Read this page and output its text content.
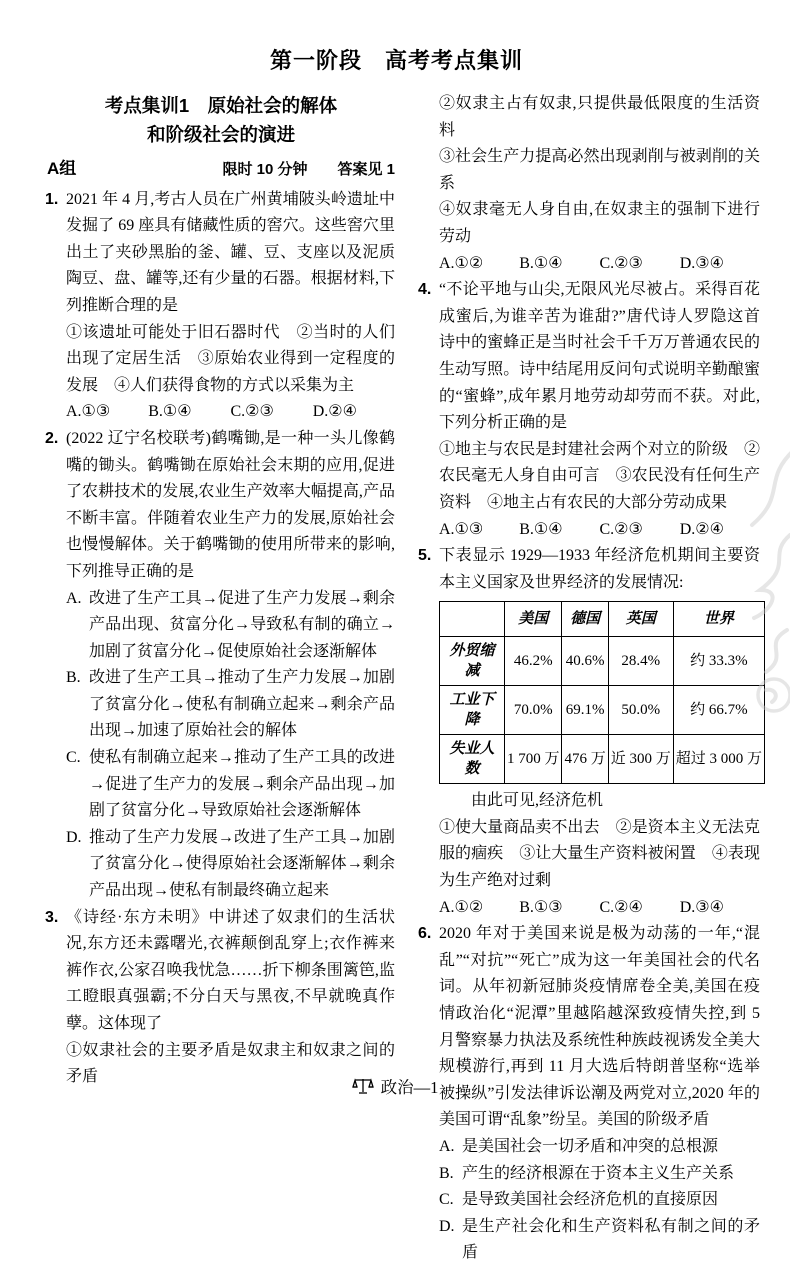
第一阶段　高考考点集训
考点集训1　原始社会的解体
和阶级社会的演进
A组	限时 10 分钟　　答案见 1
1. 2021 年 4 月,考古人员在广州黄埔陂头岭遗址中发掘了 69 座具有储藏性质的窖穴。这些窖穴里出土了夹砂黑胎的釜、罐、豆、支座以及泥质陶豆、盘、罐等,还有少量的石器。根据材料,下列推断合理的是
①该遗址可能处于旧石器时代　②当时的人们出现了定居生活　③原始农业得到一定程度的发展　④人们获得食物的方式以采集为主
A.①③	B.①④	C.②③	D.②④
2. (2022 辽宁名校联考)鹤嘴锄,是一种一头儿像鹤嘴的锄头。鹤嘴锄在原始社会末期的应用,促进了农耕技术的发展,农业生产效率大幅提高,产品不断丰富。伴随着农业生产力的发展,原始社会也慢慢解体。关于鹤嘴锄的使用所带来的影响,下列推导正确的是
A. 改进了生产工具→促进了生产力发展→剩余产品出现、贫富分化→导致私有制的确立→加剧了贫富分化→促使原始社会逐渐解体
B. 改进了生产工具→推动了生产力发展→加剧了贫富分化→使私有制确立起来→剩余产品出现→加速了原始社会的解体
C. 使私有制确立起来→推动了生产工具的改进→促进了生产力的发展→剩余产品出现→加剧了贫富分化→导致原始社会逐渐解体
D. 推动了生产力发展→改进了生产工具→加剧了贫富分化→使得原始社会逐渐解体→剩余产品出现→使私有制最终确立起来
3. 《诗经·东方未明》中讲述了奴隶们的生活状况,东方还未露曙光,衣裤颠倒乱穿上;衣作裤来裤作衣,公家召唤我忧急……折下柳条围篱笆,监工瞪眼真强霸;不分白天与黑夜,不早就晚真作孽。这体现了
①奴隶社会的主要矛盾是奴隶主和奴隶之间的矛盾
②奴隶主占有奴隶,只提供最低限度的生活资料
③社会生产力提高必然出现剥削与被剥削的关系
④奴隶毫无人身自由,在奴隶主的强制下进行劳动
A.①②	B.①④	C.②③	D.③④
4. “不论平地与山尖,无限风光尽被占。采得百花成蜜后,为谁辛苦为谁甜?”唐代诗人罗隐这首诗中的蜜蜂正是当时社会千千万万普通农民的生动写照。诗中结尾用反问句式说明辛勤酿蜜的“蜜蜂”,成年累月地劳动却劳而不获。对此,下列分析正确的是
①地主与农民是封建社会两个对立的阶级　②农民毫无人身自由可言　③农民没有任何生产资料　④地主占有农民的大部分劳动成果
A.①③	B.①④	C.②③	D.②④
5. 下表显示 1929—1933 年经济危机期间主要资本主义国家及世界经济的发展情况:
	美国	德国	英国	世界
外贸缩减	46.2%	40.6%	28.4%	约 33.3%
工业下降	70.0%	69.1%	50.0%	约 66.7%
失业人数	1 700 万	476 万	近 300 万	超过 3 000 万
由此可见,经济危机
①使大量商品卖不出去　②是资本主义无法克服的痼疾　③让大量生产资料被闲置　④表现为生产绝对过剩
A.①②	B.①③	C.②④	D.③④
6. 2020 年对于美国来说是极为动荡的一年,“混乱”“对抗”“死亡”成为这一年美国社会的代名词。从年初新冠肺炎疫情席卷全美,美国在疫情政治化“泥潭”里越陷越深致疫情失控,到 5 月警察暴力执法及系统性种族歧视诱发全美大规模游行,再到 11 月大选后特朗普坚称“选举被操纵”引发法律诉讼潮及两党对立,2020 年的美国可谓“乱象”纷呈。美国的阶级矛盾
A. 是美国社会一切矛盾和冲突的总根源
B. 产生的经济根源在于资本主义生产关系
C. 是导致美国社会经济危机的直接原因
D. 是生产社会化和生产资料私有制之间的矛盾
政治—1
